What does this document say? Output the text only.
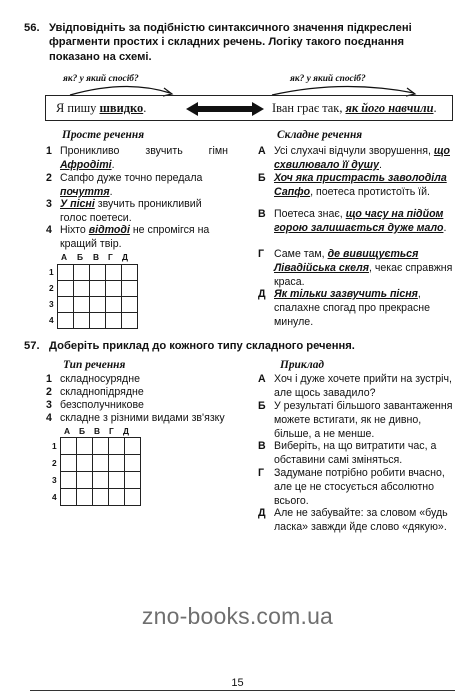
56. Увідповідніть за подібністю синтаксичного значення підкреслені фрагменти простих і складних речень. Логіку такого поєднання показано на схемі.
як? у який спосіб?	як? у який спосіб?
Я пишу швидко.	Іван грає так, як його навчили.
Просте речення	Складне речення
1 Проникливо звучить гімн Афродіті.
2 Сапфо дуже точно передала почуття.
3 У пісні звучить проникливий голос поетеси.
4 Ніхто відтоді не спромігся на кращий твір.
А Б В Г Д
1
2
3
4

А Усі слухачі відчули зворушення, що схвилювало її душу.
Б Хоч яка пристрасть заволоділа Сапфо, поетеса протистоїть їй.
В Поетеса знає, що часу на підйом горою залишається дуже мало.
Г Саме там, де вивищується Лівадійська скеля, чекає справжня краса.
Д Як тільки зазвучить пісня, спалахне спогад про прекрасне минуле.
57. Доберіть приклад до кожного типу складного речення.
Тип речення	Приклад
1 складносурядне
2 складнопідрядне
3 безсполучникове
4 складне з різними видами зв'язку
А Б В Г Д
1
2
3
4

А Хоч і дуже хочете прийти на зустріч, але щось завадило?
Б У результаті більшого завантаження можете встигати, як не дивно, більше, а не менше.
В Виберіть, на що витратити час, а обставини самі зміняться.
Г Задумане потрібно робити вчасно, але це не стосується абсолютно всього.
Д Але не забувайте: за словом «будь ласка» завжди йде слово «дякую».
zno-books.com.ua
15
